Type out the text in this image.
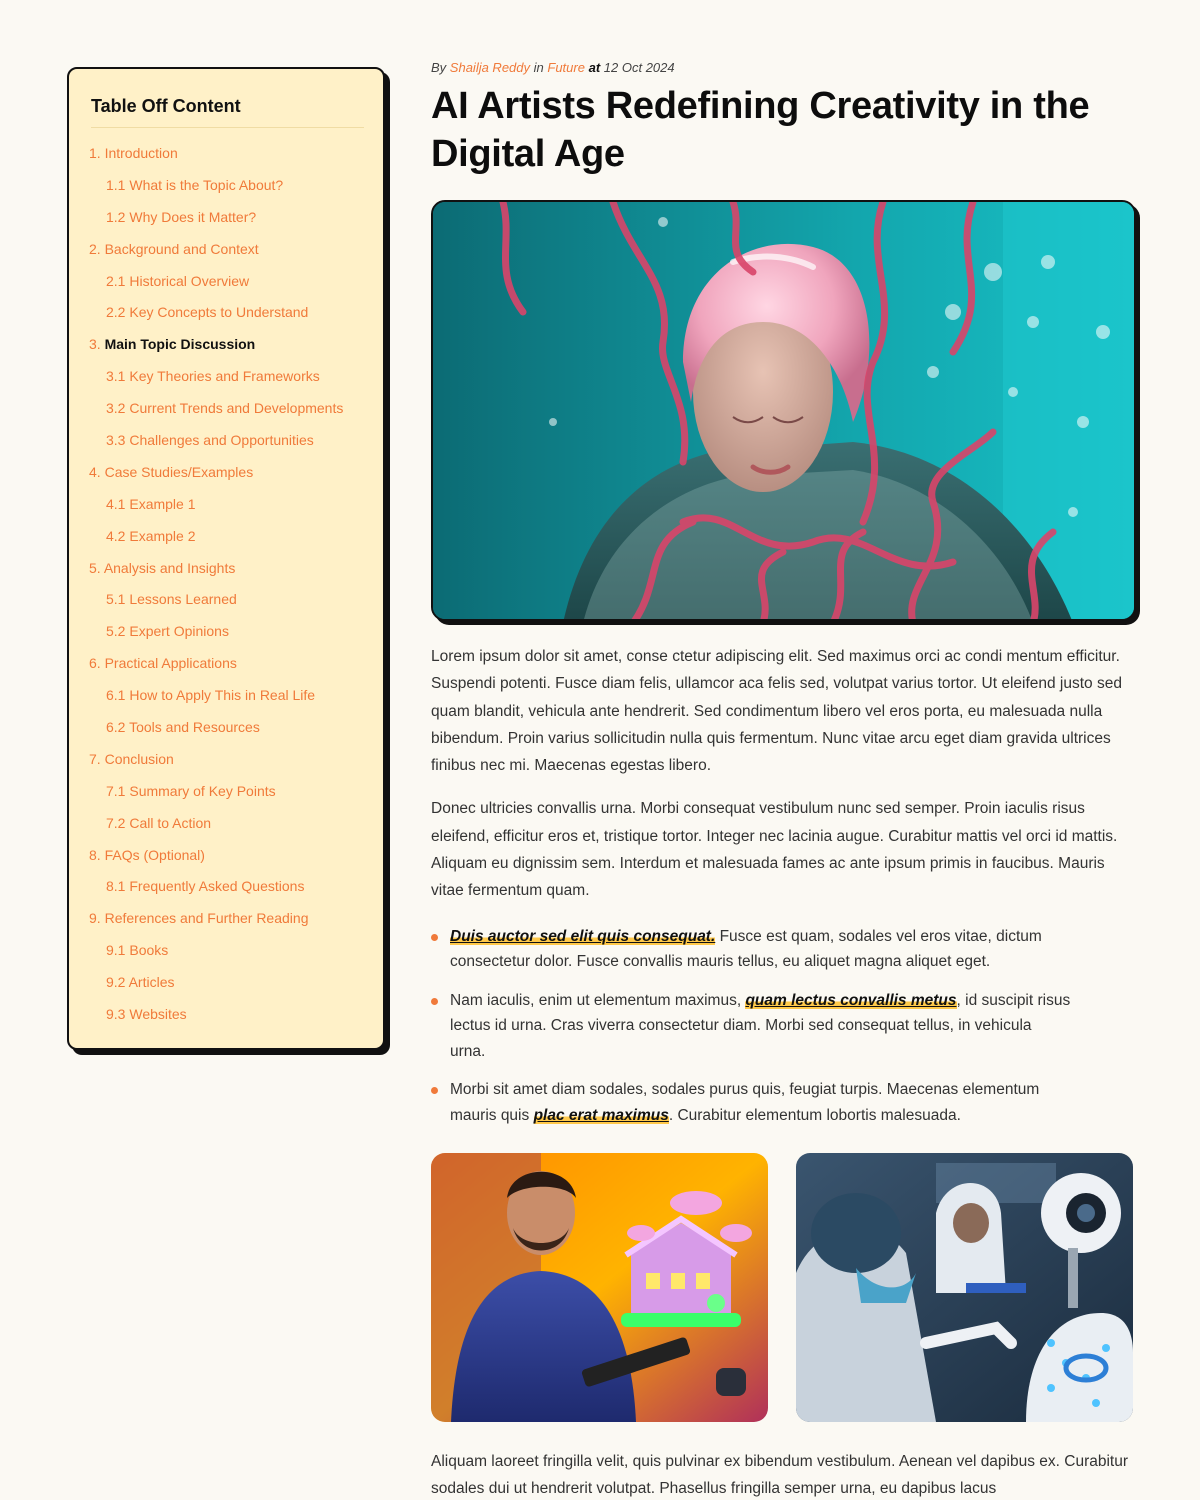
Table Off Content
1. Introduction
1.1 What is the Topic About?
1.2 Why Does it Matter?
2. Background and Context
2.1 Historical Overview
2.2 Key Concepts to Understand
3. Main Topic Discussion
3.1 Key Theories and Frameworks
3.2 Current Trends and Developments
3.3 Challenges and Opportunities
4. Case Studies/Examples
4.1 Example 1
4.2 Example 2
5. Analysis and Insights
5.1 Lessons Learned
5.2 Expert Opinions
6. Practical Applications
6.1 How to Apply This in Real Life
6.2 Tools and Resources
7. Conclusion
7.1 Summary of Key Points
7.2 Call to Action
8. FAQs (Optional)
8.1 Frequently Asked Questions
9. References and Further Reading
9.1 Books
9.2 Articles
9.3 Websites
By Shailja Reddy in Future at 12 Oct 2024
AI Artists Redefining Creativity in the Digital Age

Lorem ipsum dolor sit amet, conse ctetur adipiscing elit. Sed maximus orci ac condi mentum efficitur. Suspendi potenti. Fusce diam felis, ullamcor aca felis sed, volutpat varius tortor. Ut eleifend justo sed quam blandit, vehicula ante hendrerit. Sed condimentum libero vel eros porta, eu malesuada nulla bibendum. Proin varius sollicitudin nulla quis fermentum. Nunc vitae arcu eget diam gravida ultrices finibus nec mi. Maecenas egestas libero.

Donec ultricies convallis urna. Morbi consequat vestibulum nunc sed semper. Proin iaculis risus eleifend, efficitur eros et, tristique tortor. Integer nec lacinia augue. Curabitur mattis vel orci id mattis. Aliquam eu dignissim sem. Interdum et malesuada fames ac ante ipsum primis in faucibus. Mauris vitae fermentum quam.

Duis auctor sed elit quis consequat. Fusce est quam, sodales vel eros vitae, dictum consectetur dolor. Fusce convallis mauris tellus, eu aliquet magna aliquet eget.
Nam iaculis, enim ut elementum maximus, quam lectus convallis metus, id suscipit risus lectus id urna. Cras viverra consectetur diam. Morbi sed consequat tellus, in vehicula urna.
Morbi sit amet diam sodales, sodales purus quis, feugiat turpis. Maecenas elementum mauris quis plac erat maximus. Curabitur elementum lobortis malesuada.

Aliquam laoreet fringilla velit, quis pulvinar ex bibendum vestibulum. Aenean vel dapibus ex. Curabitur sodales dui ut hendrerit volutpat. Phasellus fringilla semper urna, eu dapibus lacus
